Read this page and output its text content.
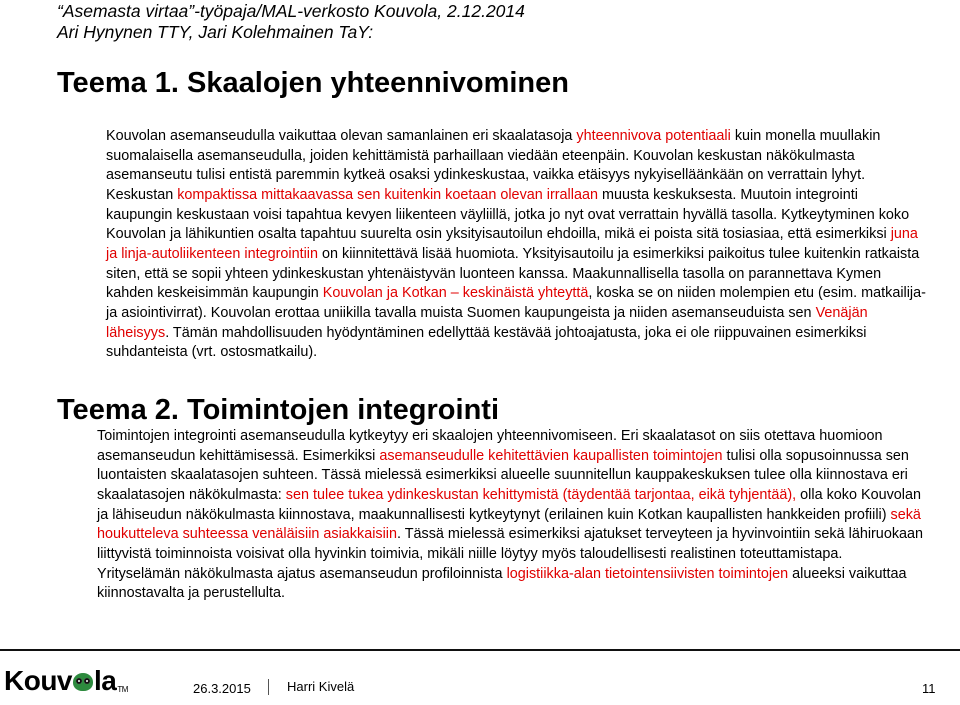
“Asemasta virtaa”-työpaja/MAL-verkosto Kouvola, 2.12.2014
Ari Hynynen TTY, Jari Kolehmainen TaY:
Teema 1. Skaalojen yhteennivominen

Kouvolan asemanseudulla vaikuttaa olevan samanlainen eri skaalatasoja yhteennivova potentiaali kuin monella muullakin suomalaisella asemanseudulla, joiden kehittämistä parhaillaan viedään eteenpäin. Kouvolan keskustan näkökulmasta asemanseutu tulisi entistä paremmin kytkeä osaksi ydinkeskustaa, vaikka etäisyys nykyiselläänkään on verrattain lyhyt. Keskustan kompaktissa mittakaavassa sen kuitenkin koetaan olevan irrallaan muusta keskuksesta. Muutoin integrointi kaupungin keskustaan voisi tapahtua kevyen liikenteen väyliillä, jotka jo nyt ovat verrattain hyvällä tasolla. Kytkeytyminen koko Kouvolan ja lähikuntien osalta tapahtuu suurelta osin yksityisautoilun ehdoilla, mikä ei poista sitä tosiasiaa, että esimerkiksi juna ja linja-autoliikenteen integrointiin on kiinnitettävä lisää huomiota. Yksityisautoilu ja esimerkiksi paikoitus tulee kuitenkin ratkaista siten, että se sopii yhteen ydinkeskustan yhtenäistyvän luonteen kanssa. Maakunnallisella tasolla on parannettava Kymen kahden keskeisimmän kaupungin Kouvolan ja Kotkan – keskinäistä yhteyttä, koska se on niiden molempien etu (esim. matkailija- ja asiointivirrat). Kouvolan erottaa uniikilla tavalla muista Suomen kaupungeista ja niiden asemanseuduista sen Venäjän läheisyys. Tämän mahdollisuuden hyödyntäminen edellyttää kestävää johtoajatusta, joka ei ole riippuvainen esimerkiksi suhdanteista (vrt. ostosmatkailu).

Teema 2. Toimintojen integrointi

Toimintojen integrointi asemanseudulla kytkeytyy eri skaalojen yhteennivomiseen. Eri skaalatasot on siis otettava huomioon asemanseudun kehittämisessä. Esimerkiksi asemanseudulle kehitettävien kaupallisten toimintojen tulisi olla sopusoinnussa sen luontaisten skaalatasojen suhteen. Tässä mielessä esimerkiksi alueelle suunnitellun kauppakeskuksen tulee olla kiinnostava eri skaalatasojen näkökulmasta: sen tulee tukea ydinkeskustan kehittymistä (täydentää tarjontaa, eikä tyhjentää), olla koko Kouvolan ja lähiseudun näkökulmasta kiinnostava, maakunnallisesti kytkeytynyt (erilainen kuin Kotkan kaupallisten hankkeiden profiili) sekä houkutteleva suhteessa venäläisiin asiakkaisiin. Tässä mielessä esimerkiksi ajatukset terveyteen ja hyvinvointiin sekä lähiruokaan liittyvistä toiminnoista voisivat olla hyvinkin toimivia, mikäli niille löytyy myös taloudellisesti realistinen toteuttamistapa. Yrityselämän näkökulmasta ajatus asemanseudun profiloinnista logistiikka-alan tietointensiivisten toimintojen alueeksi vaikuttaa kiinnostavalta ja perustellulta.

Kouv laTM	26.3.2015	Harri Kivelä	11
